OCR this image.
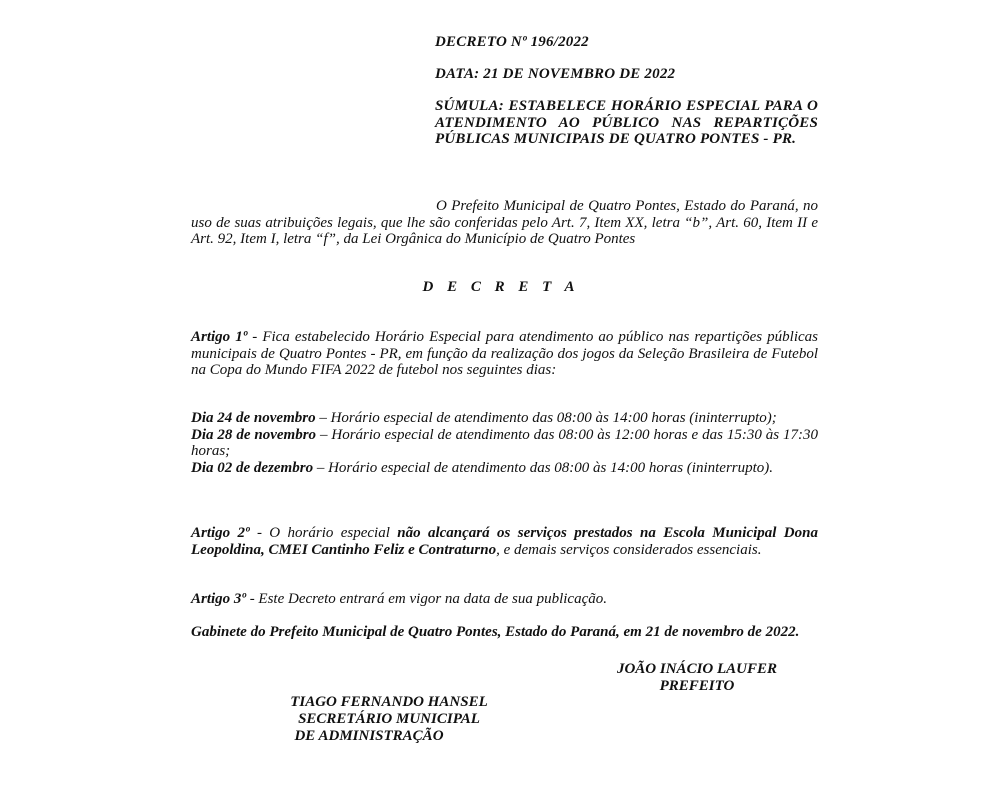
DECRETO Nº 196/2022
DATA: 21 DE NOVEMBRO DE 2022
SÚMULA: ESTABELECE HORÁRIO ESPECIAL PARA O ATENDIMENTO AO PÚBLICO NAS REPARTIÇÕES PÚBLICAS MUNICIPAIS DE QUATRO PONTES - PR.

O Prefeito Municipal de Quatro Pontes, Estado do Paraná, no uso de suas atribuições legais, que lhe são conferidas pelo Art. 7, Item XX, letra “b”, Art. 60, Item II e Art. 92, Item I, letra “f”, da Lei Orgânica do Município de Quatro Pontes

D E C R E T A

Artigo 1º - Fica estabelecido Horário Especial para atendimento ao público nas repartições públicas municipais de Quatro Pontes - PR, em função da realização dos jogos da Seleção Brasileira de Futebol na Copa do Mundo FIFA 2022 de futebol nos seguintes dias:

Dia 24 de novembro – Horário especial de atendimento das 08:00 às 14:00 horas (ininterrupto);
Dia 28 de novembro – Horário especial de atendimento das 08:00 às 12:00 horas e das 15:30 às 17:30 horas;
Dia 02 de dezembro – Horário especial de atendimento das 08:00 às 14:00 horas (ininterrupto).

Artigo 2º - O horário especial não alcançará os serviços prestados na Escola Municipal Dona Leopoldina, CMEI Cantinho Feliz e Contraturno, e demais serviços considerados essenciais.

Artigo 3º - Este Decreto entrará em vigor na data de sua publicação.

Gabinete do Prefeito Municipal de Quatro Pontes, Estado do Paraná, em 21 de novembro de 2022.

JOÃO INÁCIO LAUFER
PREFEITO
TIAGO FERNANDO HANSEL
SECRETÁRIO MUNICIPAL
DE ADMINISTRAÇÃO
